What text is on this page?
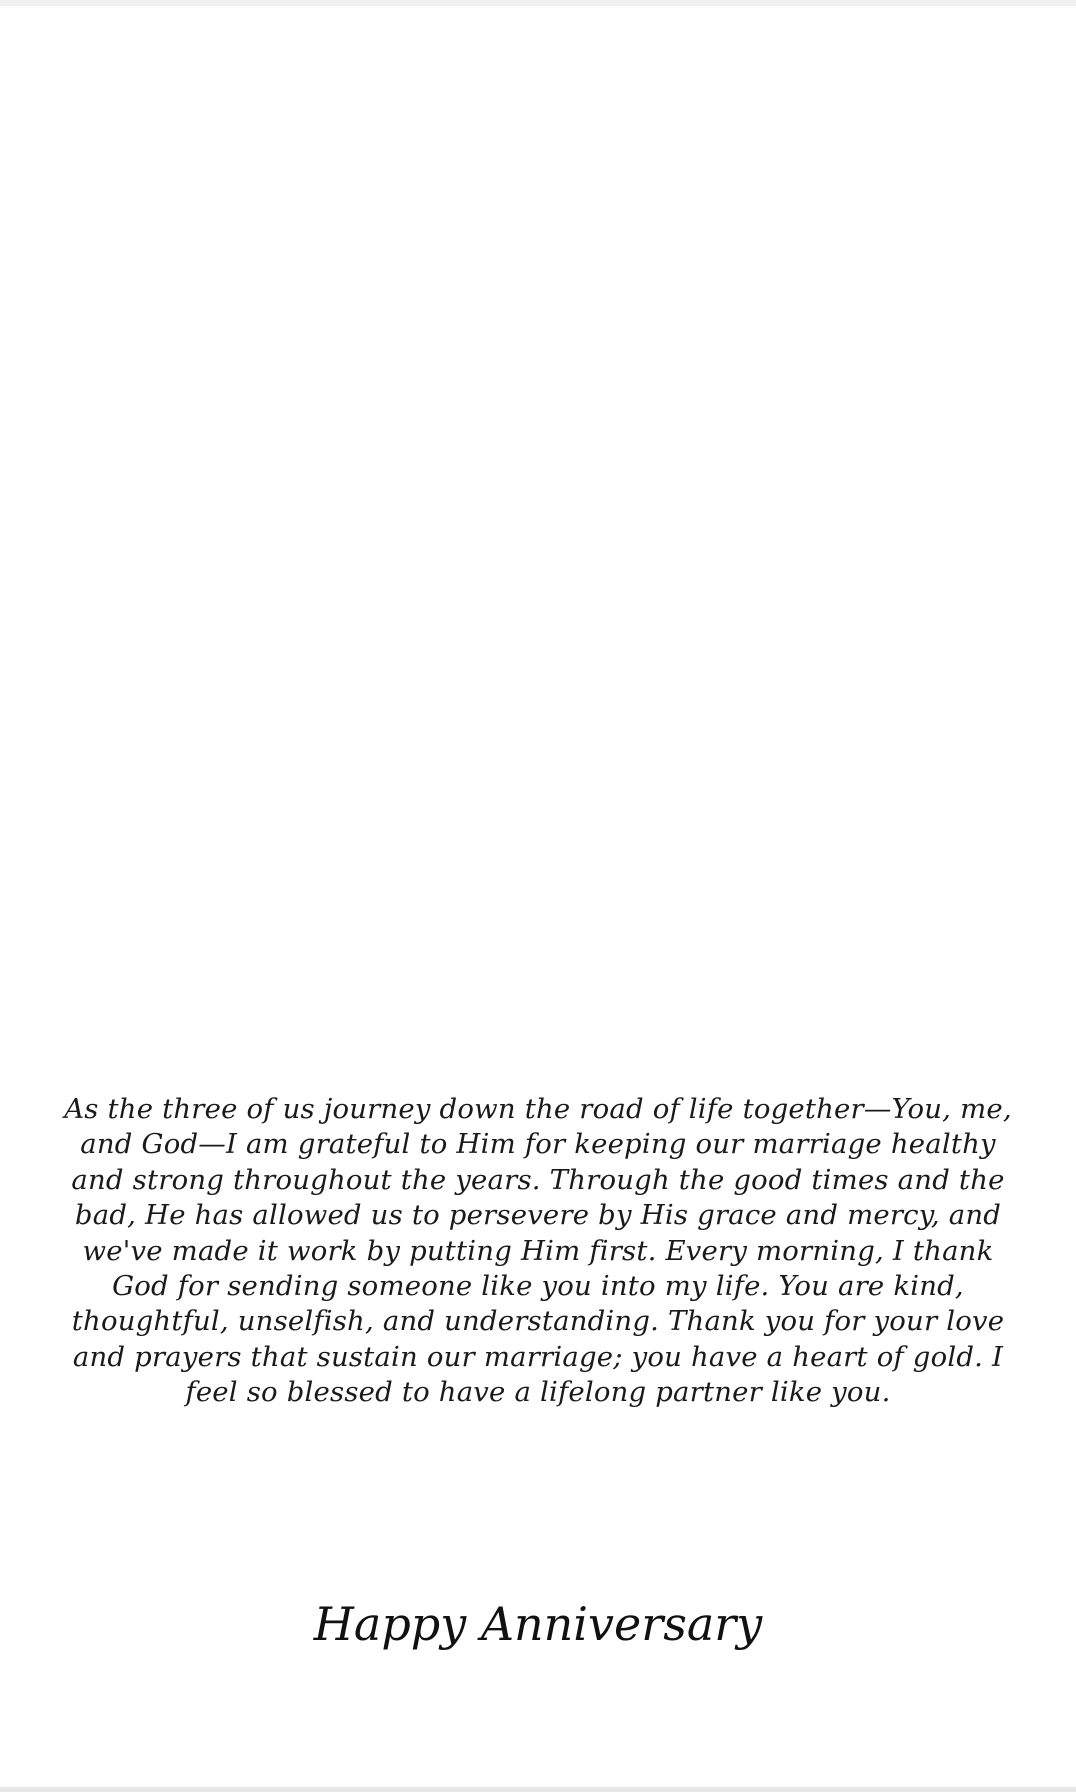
As the three of us journey down the road of life together—You, me, and God—I am grateful to Him for keeping our marriage healthy and strong throughout the years. Through the good times and the bad, He has allowed us to persevere by His grace and mercy, and we've made it work by putting Him first. Every morning, I thank God for sending someone like you into my life. You are kind, thoughtful, unselfish, and understanding. Thank you for your love and prayers that sustain our marriage; you have a heart of gold. I feel so blessed to have a lifelong partner like you.

Happy Anniversary
